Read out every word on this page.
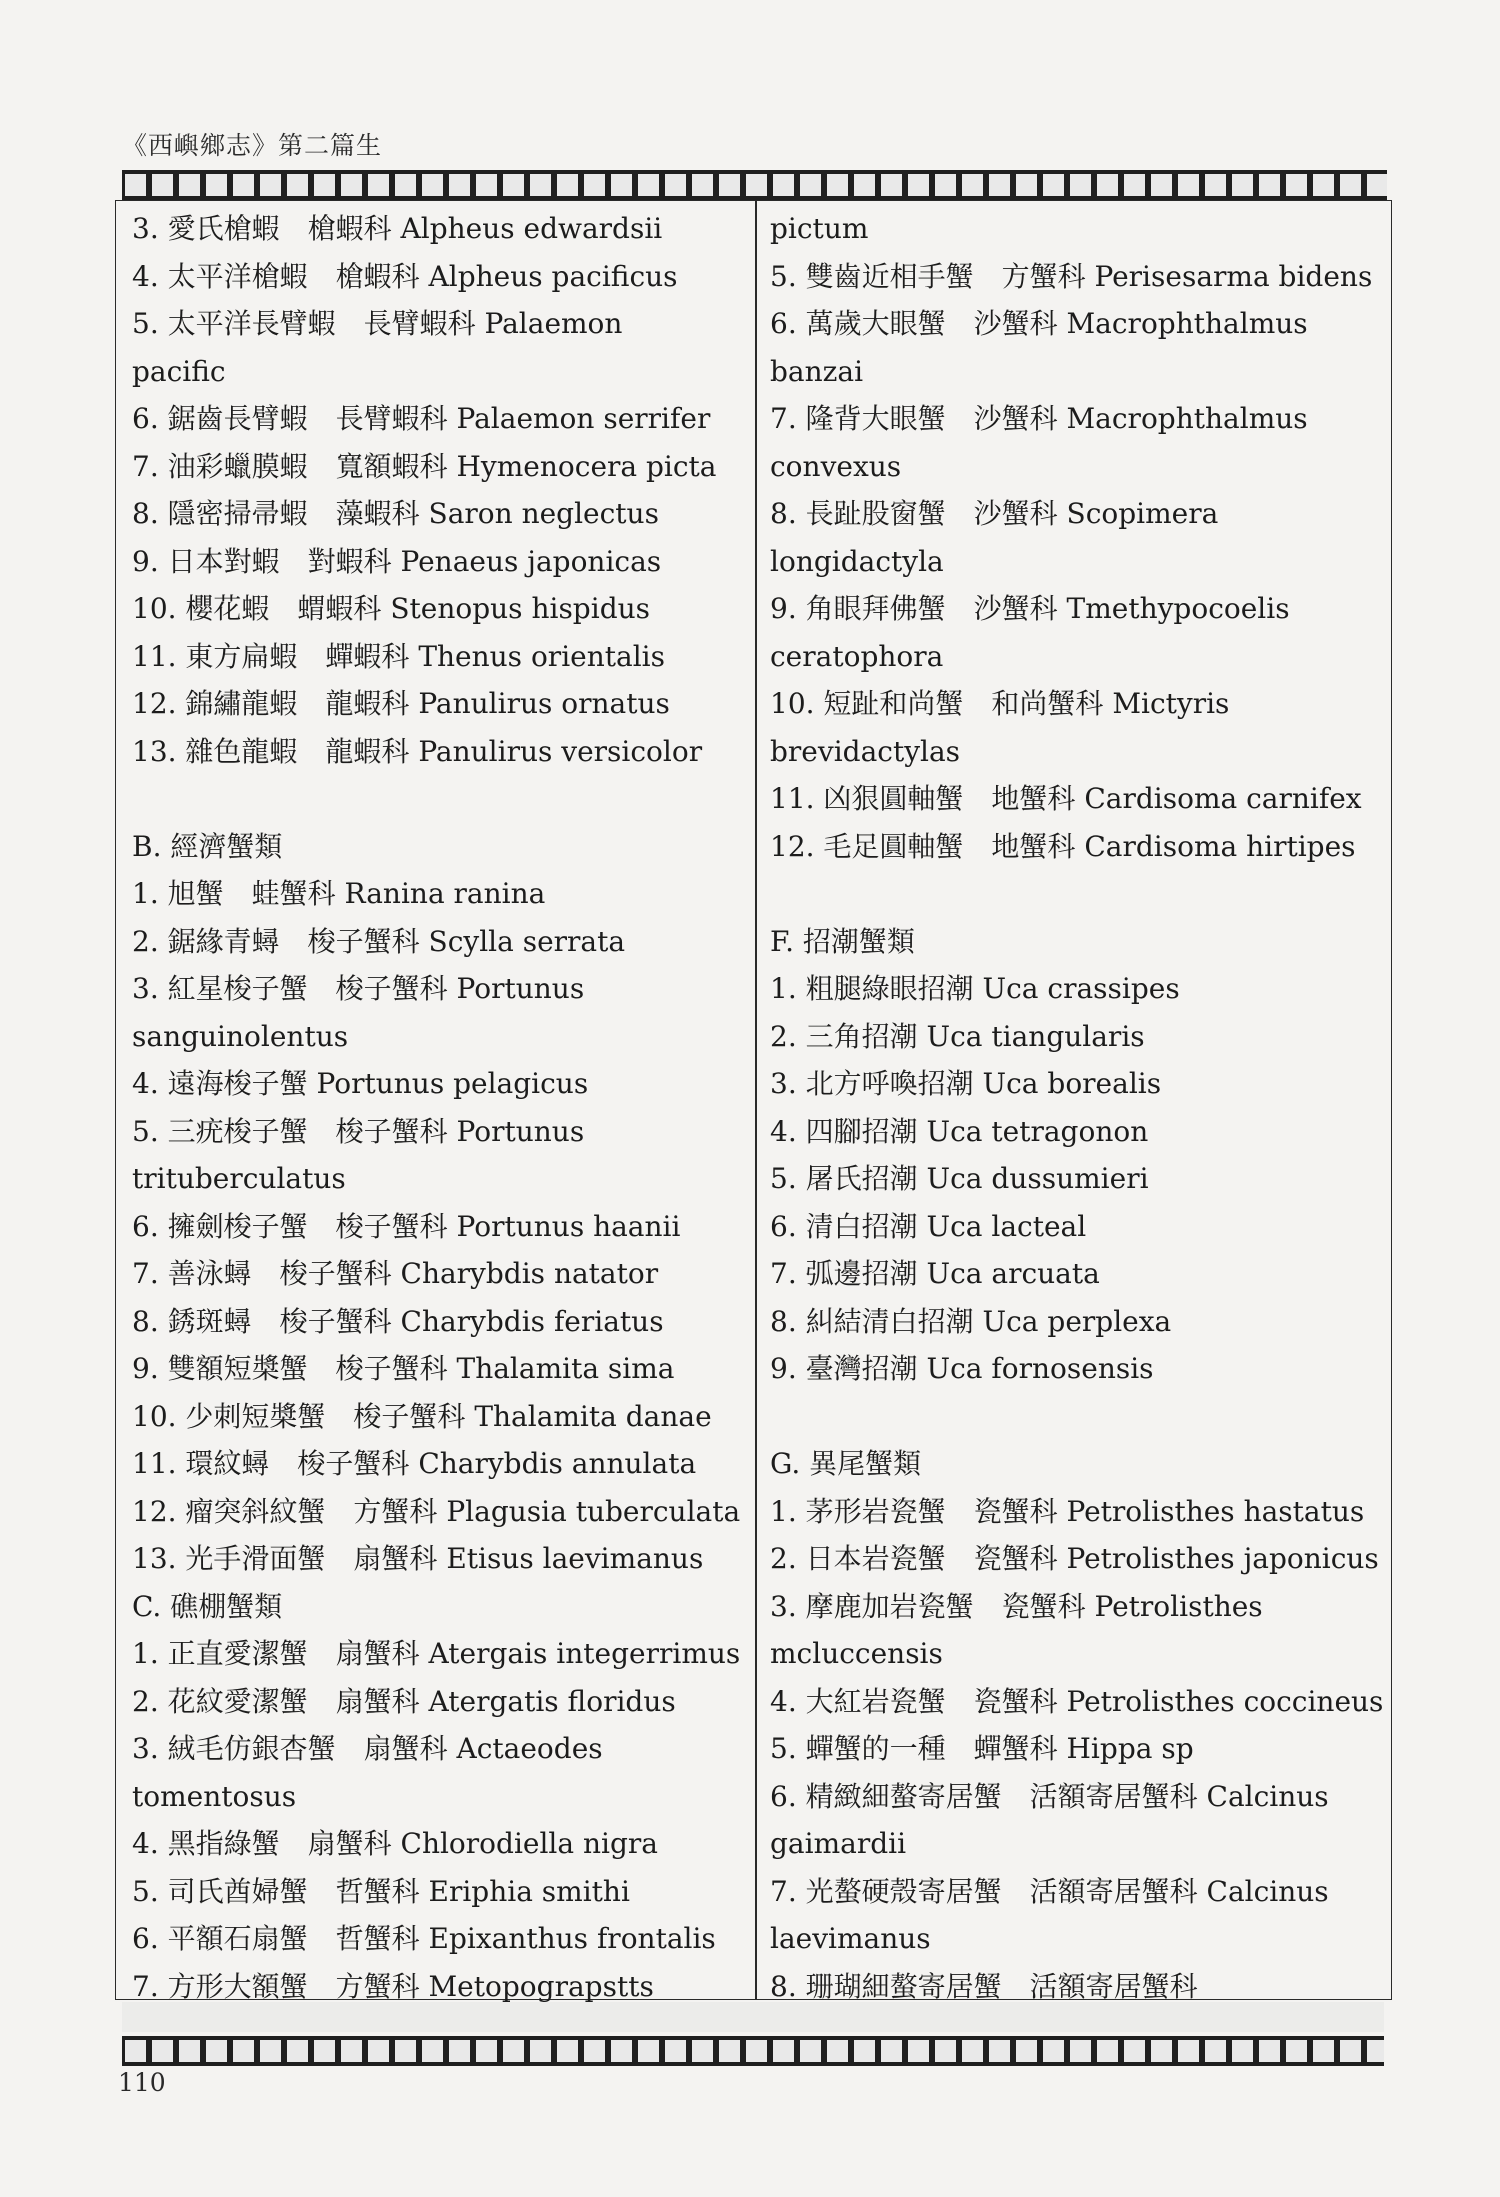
《西嶼鄉志》第二篇生
3. 愛氏槍蝦　槍蝦科 Alpheus edwardsii
4. 太平洋槍蝦　槍蝦科 Alpheus pacificus
5. 太平洋長臂蝦　長臂蝦科 Palaemon
pacific
6. 鋸齒長臂蝦　長臂蝦科 Palaemon serrifer
7. 油彩蠟膜蝦　寬額蝦科 Hymenocera picta
8. 隱密掃帚蝦　藻蝦科 Saron neglectus
9. 日本對蝦　對蝦科 Penaeus japonicas
10. 櫻花蝦　蝟蝦科 Stenopus hispidus
11. 東方扁蝦　蟬蝦科 Thenus orientalis
12. 錦繡龍蝦　龍蝦科 Panulirus ornatus
13. 雜色龍蝦　龍蝦科 Panulirus versicolor
B. 經濟蟹類
1. 旭蟹　蛙蟹科 Ranina ranina
2. 鋸緣青蟳　梭子蟹科 Scylla serrata
3. 紅星梭子蟹　梭子蟹科 Portunus
sanguinolentus
4. 遠海梭子蟹 Portunus pelagicus
5. 三疣梭子蟹　梭子蟹科 Portunus
trituberculatus
6. 擁劍梭子蟹　梭子蟹科 Portunus haanii
7. 善泳蟳　梭子蟹科 Charybdis natator
8. 銹斑蟳　梭子蟹科 Charybdis feriatus
9. 雙額短槳蟹　梭子蟹科 Thalamita sima
10. 少刺短槳蟹　梭子蟹科 Thalamita danae
11. 環紋蟳　梭子蟹科 Charybdis annulata
12. 瘤突斜紋蟹　方蟹科 Plagusia tuberculata
13. 光手滑面蟹　扇蟹科 Etisus laevimanus
C. 礁棚蟹類
1. 正直愛潔蟹　扇蟹科 Atergais integerrimus
2. 花紋愛潔蟹　扇蟹科 Atergatis floridus
3. 絨毛仿銀杏蟹　扇蟹科 Actaeodes
tomentosus
4. 黑指綠蟹　扇蟹科 Chlorodiella nigra
5. 司氏酋婦蟹　哲蟹科 Eriphia smithi
6. 平額石扇蟹　哲蟹科 Epixanthus frontalis
7. 方形大額蟹　方蟹科 Metopograpstts
pictum
5. 雙齒近相手蟹　方蟹科 Perisesarma bidens
6. 萬歲大眼蟹　沙蟹科 Macrophthalmus
banzai
7. 隆背大眼蟹　沙蟹科 Macrophthalmus
convexus
8. 長趾股窗蟹　沙蟹科 Scopimera
longidactyla
9. 角眼拜佛蟹　沙蟹科 Tmethypocoelis
ceratophora
10. 短趾和尚蟹　和尚蟹科 Mictyris
brevidactylas
11. 凶狠圓軸蟹　地蟹科 Cardisoma carnifex
12. 毛足圓軸蟹　地蟹科 Cardisoma hirtipes
F. 招潮蟹類
1. 粗腿綠眼招潮 Uca crassipes
2. 三角招潮 Uca tiangularis
3. 北方呼喚招潮 Uca borealis
4. 四腳招潮 Uca tetragonon
5. 屠氏招潮 Uca dussumieri
6. 清白招潮 Uca lacteal
7. 弧邊招潮 Uca arcuata
8. 糾結清白招潮 Uca perplexa
9. 臺灣招潮 Uca fornosensis
G. 異尾蟹類
1. 茅形岩瓷蟹　瓷蟹科 Petrolisthes hastatus
2. 日本岩瓷蟹　瓷蟹科 Petrolisthes japonicus
3. 摩鹿加岩瓷蟹　瓷蟹科 Petrolisthes
mcluccensis
4. 大紅岩瓷蟹　瓷蟹科 Petrolisthes coccineus
5. 蟬蟹的一種　蟬蟹科 Hippa sp
6. 精緻細螯寄居蟹　活額寄居蟹科 Calcinus
gaimardii
7. 光螯硬殼寄居蟹　活額寄居蟹科 Calcinus
laevimanus
8. 珊瑚細螯寄居蟹　活額寄居蟹科
110
